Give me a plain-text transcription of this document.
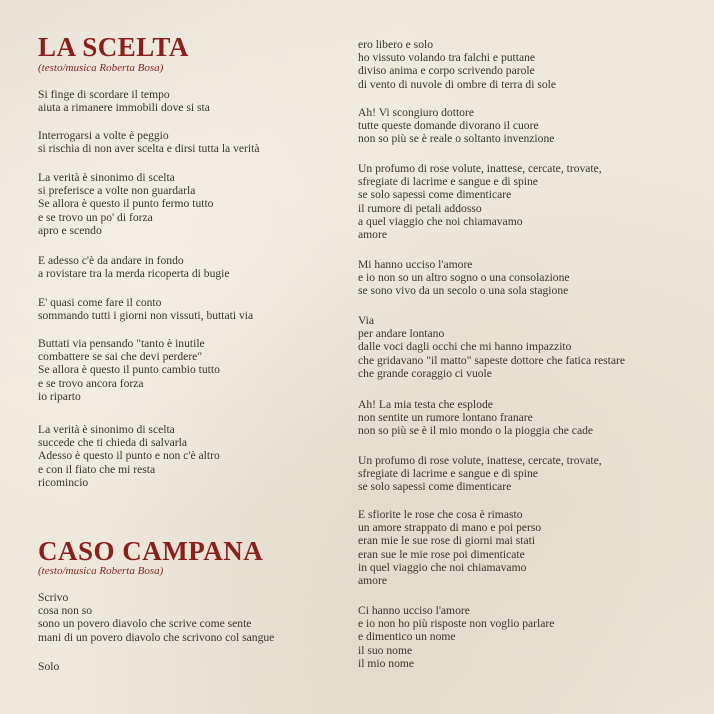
LA SCELTA
(testo/musica Roberta Bosa)
Si finge di scordare il tempo
aiuta a rimanere immobili dove si sta
Interrogarsi a volte è peggio
si rischia di non aver scelta e dirsi tutta la verità
La verità è sinonimo di scelta
si preferisce a volte non guardarla
Se allora è questo il punto fermo tutto
e se trovo un po' di forza
apro e scendo
E adesso c'è da andare in fondo
a rovistare tra la merda ricoperta di bugie
E' quasi come fare il conto
sommando tutti i giorni non vissuti, buttati via
Buttati via pensando "tanto è inutile
combattere se sai che devi perdere"
Se allora è questo il punto cambio tutto
e se trovo ancora forza
io riparto
La verità è sinonimo di scelta
succede che ti chieda di salvarla
Adesso è questo il punto e non c'è altro
e con il fiato che mi resta
ricomincio
CASO CAMPANA
(testo/musica Roberta Bosa)
Scrivo
cosa non so
sono un povero diavolo che scrive come sente
mani di un povero diavolo che scrivono col sangue
Solo
ero libero e solo
ho vissuto volando tra falchi e puttane
diviso anima e corpo scrivendo parole
di vento di nuvole di ombre di terra di sole
Ah! Vi scongiuro dottore
tutte queste domande divorano il cuore
non so più se è reale o soltanto invenzione
Un profumo di rose volute, inattese, cercate, trovate,
sfregiate di lacrime e sangue e di spine
se solo sapessi come dimenticare
il rumore di petali addosso
a quel viaggio che noi chiamavamo
amore
Mi hanno ucciso l'amore
e io non so un altro sogno o una consolazione
se sono vivo da un secolo o una sola stagione
Via
per andare lontano
dalle voci dagli occhi che mi hanno impazzito
che gridavano "il matto" sapeste dottore che fatica restare
che grande coraggio ci vuole
Ah! La mia testa che esplode
non sentite un rumore lontano franare
non so più se è il mio mondo o la pioggia che cade
Un profumo di rose volute, inattese, cercate, trovate,
sfregiate di lacrime e sangue e di spine
se solo sapessi come dimenticare
E sfiorite le rose che cosa è rimasto
un amore strappato di mano e poi perso
eran mie le sue rose di giorni mai stati
eran sue le mie rose poi dimenticate
in quel viaggio che noi chiamavamo
amore
Ci hanno ucciso l'amore
e io non ho più risposte non voglio parlare
e dimentico un nome
il suo nome
il mio nome
